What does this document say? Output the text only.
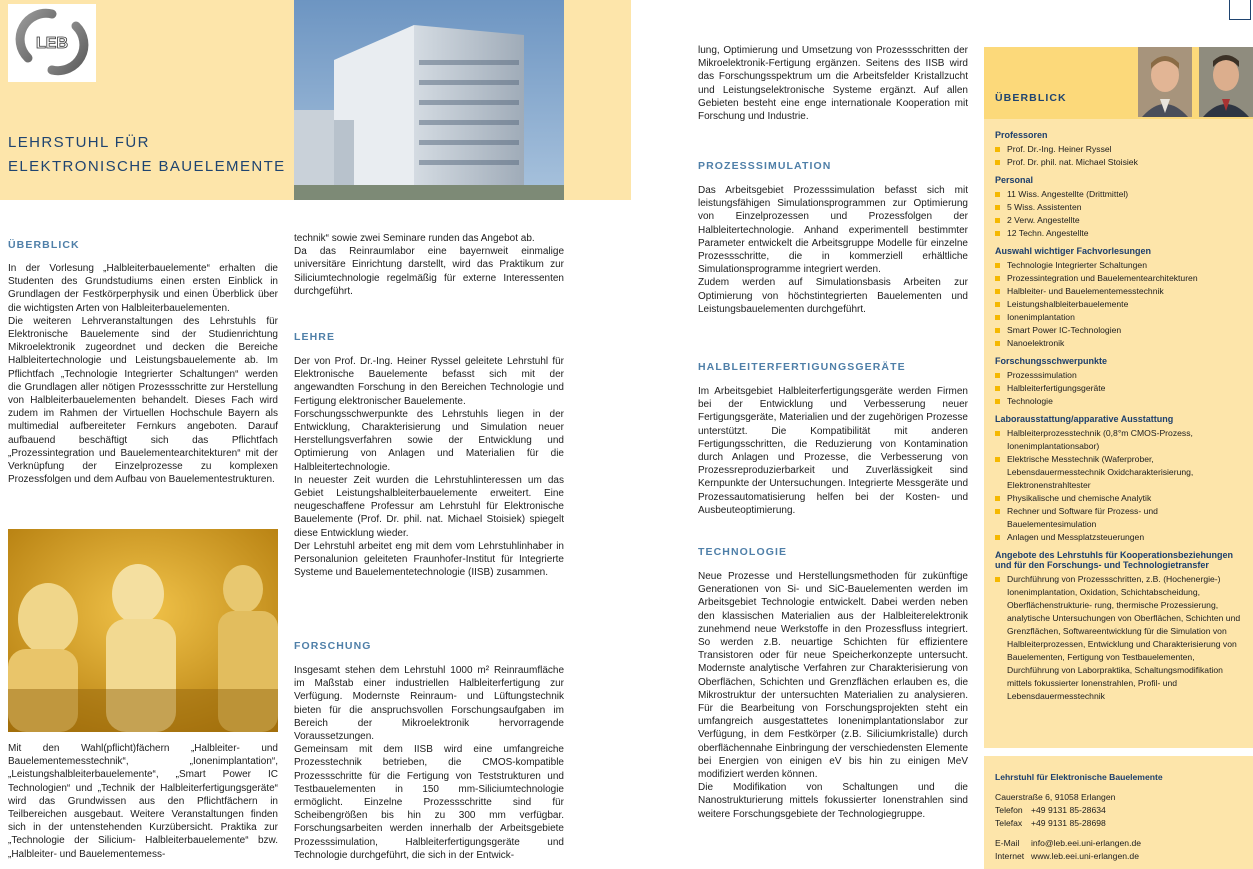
LEB
LEHRSTUHL FÜR
ELEKTRONISCHE BAUELEMENTE
ÜBERBLICK

In der Vorlesung „Halbleiterbauelemente“ erhalten die Studenten des Grundstudiums einen ersten Einblick in Grundlagen der Festkörperphysik und einen Überblick über die wichtigsten Arten von Halbleiterbauelementen.

Die weiteren Lehrveranstaltungen des Lehrstuhls für Elektronische Bauelemente sind der Studienrichtung Mikroelektronik zugeordnet und decken die Bereiche Halbleitertechnologie und Leistungsbauelemente ab. Im Pflichtfach „Technologie Integrierter Schaltungen“ werden die Grundlagen aller nötigen Prozessschritte zur Herstellung von Halbleiterbauelementen behandelt. Dieses Fach wird zudem im Rahmen der Virtuellen Hochschule Bayern als multimedial aufbereiteter Fernkurs angeboten. Darauf aufbauend beschäftigt sich das Pflichtfach „Prozessintegration und Bauelementearchitekturen“ mit der Verknüpfung der Einzelprozesse zu komplexen Prozessfolgen und dem Aufbau von Bauelementestrukturen.

Mit den Wahl(pflicht)fächern „Halbleiter- und Bauelementemesstechnik“, „Ionenimplantation“, „Leistungshalbleiterbauelemente“, „Smart Power IC Technologien“ und „Technik der Halbleiterfertigungsgeräte“ wird das Grundwissen aus den Pflichtfächern in Teilbereichen ausgebaut. Weitere Veranstaltungen finden sich in der untenstehenden Kurzübersicht. Praktika zur „Technologie der Silicium- Halbleiterbauelemente“ bzw. „Halbleiter- und Bauelementemess-

technik“ sowie zwei Seminare runden das Angebot ab.

Da das Reinraumlabor eine bayernweit einmalige universitäre Einrichtung darstellt, wird das Praktikum zur Siliciumtechnologie regelmäßig für externe Interessenten durchgeführt.

LEHRE

Der von Prof. Dr.-Ing. Heiner Ryssel geleitete Lehrstuhl für Elektronische Bauelemente befasst sich mit der angewandten Forschung in den Bereichen Technologie und Fertigung elektronischer Bauelemente.

Forschungsschwerpunkte des Lehrstuhls liegen in der Entwicklung, Charakterisierung und Simulation neuer Herstellungsverfahren sowie der Entwicklung und Optimierung von Anlagen und Materialien für die Halbleitertechnologie.

In neuester Zeit wurden die Lehrstuhlinteressen um das Gebiet Leistungshalbleiterbauelemente erweitert. Eine neugeschaffene Professur am Lehrstuhl für Elektronische Bauelemente (Prof. Dr. phil. nat. Michael Stoisiek) spiegelt diese Entwicklung wieder.

Der Lehrstuhl arbeitet eng mit dem vom Lehrstuhlinhaber in Personalunion geleiteten Fraunhofer-Institut für Integrierte Systeme und Bauelementetechnologie (IISB) zusammen.

FORSCHUNG

Insgesamt stehen dem Lehrstuhl 1000 m² Reinraumfläche im Maßstab einer industriellen Halbleiterfertigung zur Verfügung. Modernste Reinraum- und Lüftungstechnik bieten für die anspruchsvollen Forschungsaufgaben im Bereich der Mikroelektronik hervorragende Voraussetzungen.

Gemeinsam mit dem IISB wird eine umfangreiche Prozesstechnik betrieben, die CMOS-kompatible Prozessschritte für die Fertigung von Teststrukturen und Testbauelementen in 150 mm-Siliciumtechnologie ermöglicht. Einzelne Prozessschritte sind für Scheibengrößen bis hin zu 300 mm verfügbar. Forschungsarbeiten werden innerhalb der Arbeitsgebiete Prozesssimulation, Halbleiterfertigungsgeräte und Technologie durchgeführt, die sich in der Entwick-

lung, Optimierung und Umsetzung von Prozessschritten der Mikroelektronik-Fertigung ergänzen. Seitens des IISB wird das Forschungsspektrum um die Arbeitsfelder Kristallzucht und Leistungselektronische Systeme ergänzt. Auf allen Gebieten besteht eine enge internationale Kooperation mit Forschung und Industrie.
PROZESSSIMULATION

Das Arbeitsgebiet Prozesssimulation befasst sich mit leistungsfähigen Simulationsprogrammen zur Optimierung von Einzelprozessen und Prozessfolgen der Halbleitertechnologie. Anhand experimentell bestimmter Parameter entwickelt die Arbeitsgruppe Modelle für einzelne Prozessschritte, die in kommerziell erhältliche Simulationsprogramme integriert werden.

Zudem werden auf Simulationsbasis Arbeiten zur Optimierung von höchstintegrierten Bauelementen und Leistungsbauelementen durchgeführt.

HALBLEITERFERTIGUNGSGERÄTE
Im Arbeitsgebiet Halbleiterfertigungsgeräte werden Firmen bei der Entwicklung und Verbesserung neuer Fertigungsgeräte, Materialien und der zugehörigen Prozesse unterstützt. Die Kompatibilität mit anderen Fertigungsschritten, die Reduzierung von Kontamination durch Anlagen und Prozesse, die Verbesserung von Prozessreproduzierbarkeit und Zuverlässigkeit sind Kernpunkte der Untersuchungen. Integrierte Messgeräte und Prozessautomatisierung helfen bei der Kosten- und Ausbeuteoptimierung.
TECHNOLOGIE

Neue Prozesse und Herstellungsmethoden für zukünftige Generationen von Si- und SiC-Bauelementen werden im Arbeitsgebiet Technologie entwickelt. Dabei werden neben den klassischen Materialien aus der Halbleiterelektronik zunehmend neue Werkstoffe in den Prozessfluss integriert. So werden z.B. neuartige Schichten für effizientere Transistoren oder für neue Speicherkonzepte untersucht. Modernste analytische Verfahren zur Charakterisierung von Oberflächen, Schichten und Grenzflächen erlauben es, die Mikrostruktur der untersuchten Materialien zu analysieren. Für die Bearbeitung von Forschungsprojekten steht ein umfangreich ausgestattetes Ionenimplantationslabor zur Verfügung, in dem Festkörper (z.B. Siliciumkristalle) durch oberflächennahe Einbringung der verschiedensten Elemente bei Energien von einigen eV bis hin zu einigen MeV modifiziert werden können.

Die Modifikation von Schaltungen und die Nanostrukturierung mittels fokussierter Ionenstrahlen sind weitere Forschungsgebiete der Technologiegruppe.

ÜBERBLICK
Professoren
Prof. Dr.-Ing. Heiner Ryssel
Prof. Dr. phil. nat. Michael Stoisiek
Personal
11 Wiss. Angestellte (Drittmittel)
5 Wiss. Assistenten
2 Verw. Angestellte
12 Techn. Angestellte
Auswahl wichtiger Fachvorlesungen
Technologie Integrierter Schaltungen
Prozessintegration und Bauelementearchitekturen
Halbleiter- und Bauelementemesstechnik
Leistungshalbleiterbauelemente
Ionenimplantation
Smart Power IC-Technologien
Nanoelektronik
Forschungsschwerpunkte
Prozesssimulation
Halbleiterfertigungsgeräte
Technologie
Laborausstattung/apparative Ausstattung
Halbleiterprozesstechnik (0,8°m CMOS-Prozess, Ionenimplantationsabor)
Elektrische Messtechnik (Waferprober, Lebensdauermesstechnik Oxidcharakterisierung, Elektronenstrahltester
Physikalische und chemische Analytik
Rechner und Software für Prozess- und Bauelementesimulation
Anlagen und Messplatzsteuerungen
Angebote des Lehrstuhls für Kooperationsbeziehungen und für den Forschungs- und Technologietransfer
Durchführung von Prozessschritten, z.B. (Hochenergie-) Ionenimplantation, Oxidation, Schichtabscheidung, Oberflächenstrukturie- rung, thermische Prozessierung, analytische Untersuchungen von Oberflächen, Schichten und Grenzflächen, Softwareentwicklung für die Simulation von Halbleiterprozessen, Entwicklung und Charakterisierung von Bauelementen, Fertigung von Testbauelementen, Durchführung von Laborpraktika, Schaltungsmodifikation mittels fokussierter Ionenstrahlen, Profil- und Lebensdauermesstechnik
Lehrstuhl für Elektronische Bauelemente
Cauerstraße 6, 91058 Erlangen
Telefon +49 9131 85-28634
Telefax +49 9131 85-28698
E-Mail info@leb.eei.uni-erlangen.de
Internet www.leb.eei.uni-erlangen.de
